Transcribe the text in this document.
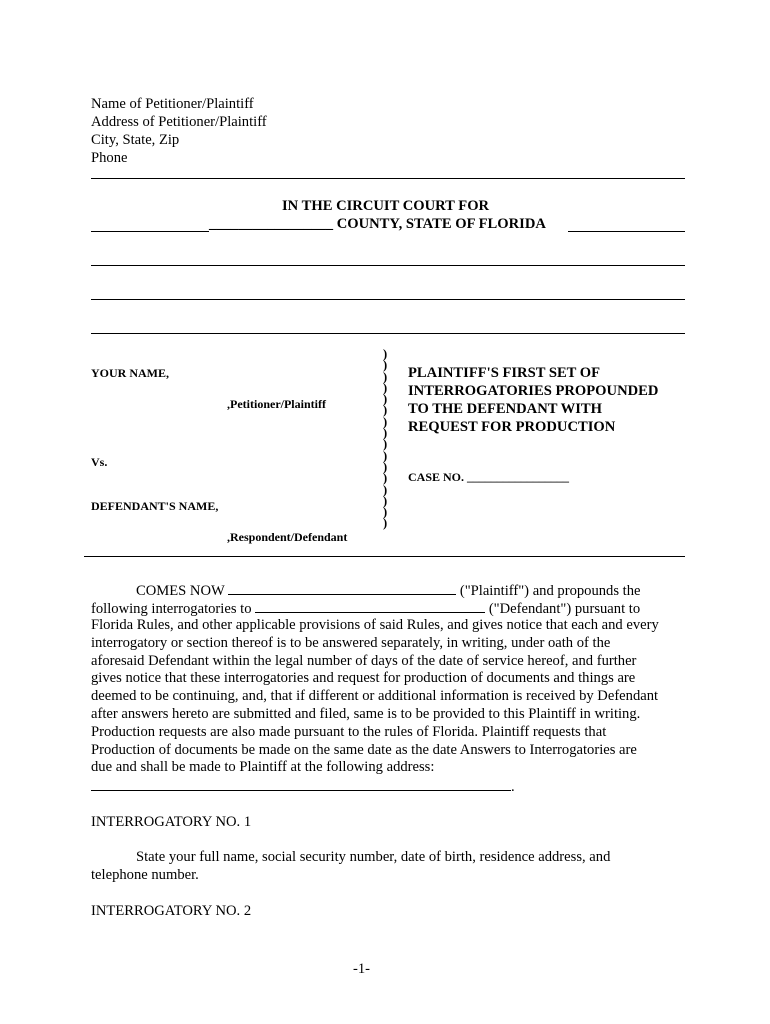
Name of Petitioner/Plaintiff
Address of Petitioner/Plaintiff
City, State, Zip
Phone
IN THE CIRCUIT COURT FOR
_________________ COUNTY, STATE OF FLORIDA
YOUR NAME,
,Petitioner/Plaintiff
Vs.
DEFENDANT'S NAME,
,Respondent/Defendant
)
)
)
)
)
)
)
)
)
)
)
)
)
)
)
)
PLAINTIFF'S FIRST SET OF
INTERROGATORIES PROPOUNDED
TO THE DEFENDANT WITH
REQUEST FOR PRODUCTION
CASE NO. _________________
COMES NOW	("Plaintiff") and propounds the
following interrogatories to	("Defendant") pursuant to
Florida Rules, and other applicable provisions of said Rules, and gives notice that each and every
interrogatory or section thereof is to be answered separately, in writing, under oath of the
aforesaid Defendant within the legal number of days of the date of service hereof, and further
gives notice that these interrogatories and request for production of documents and things are
deemed to be continuing, and, that if different or additional information is received by Defendant
after answers hereto are submitted and filed, same is to be provided to this Plaintiff in writing.
Production requests are also made pursuant to the rules of Florida. Plaintiff requests that
Production of documents be made on the same date as the date Answers to Interrogatories are
due and shall be made to Plaintiff at the following address:
.
INTERROGATORY NO. 1
State your full name, social security number, date of birth, residence address, and
telephone number.
INTERROGATORY NO. 2
-1-
